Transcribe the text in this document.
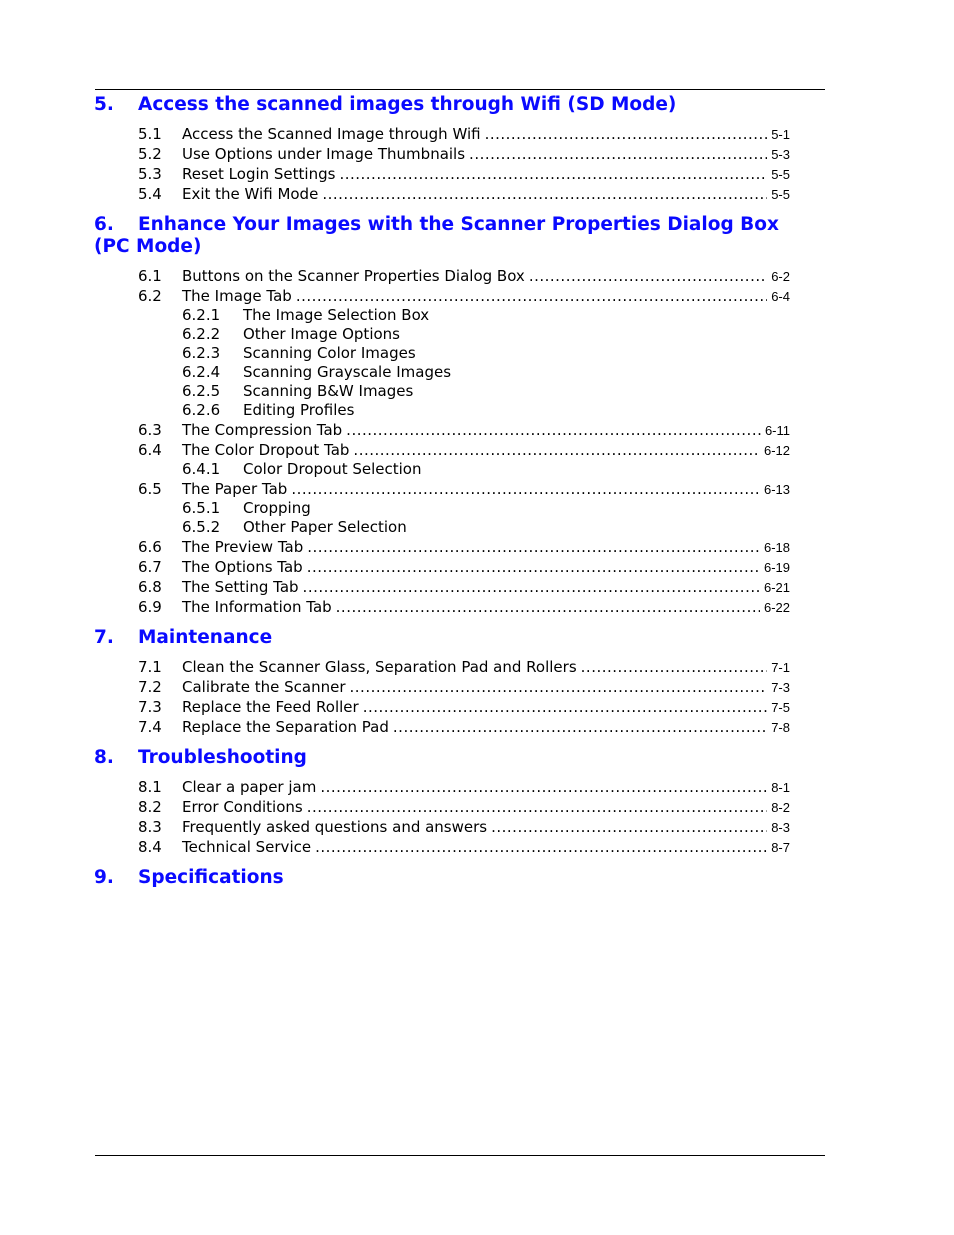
5.	Access the scanned images through Wifi (SD Mode)
5.1	Access the Scanned Image through Wifi .....	5-1
5.2	Use Options under Image Thumbnails .....	5-3
5.3	Reset Login Settings .....	5-5
5.4	Exit the Wifi Mode .....	5-5
6. Enhance Your Images with the Scanner Properties Dialog Box (PC Mode)
6.1	Buttons on the Scanner Properties Dialog Box .....	6-2
6.2	The Image Tab .....	6-4
6.2.1	The Image Selection Box
6.2.2	Other Image Options
6.2.3	Scanning Color Images
6.2.4	Scanning Grayscale Images
6.2.5	Scanning B&W Images
6.2.6	Editing Profiles
6.3	The Compression Tab .....	6-11
6.4	The Color Dropout Tab .....	6-12
6.4.1	Color Dropout Selection
6.5	The Paper Tab .....	6-13
6.5.1	Cropping
6.5.2	Other Paper Selection
6.6	The Preview Tab .....	6-18
6.7	The Options Tab .....	6-19
6.8	The Setting Tab .....	6-21
6.9	The Information Tab .....	6-22
7.	Maintenance
7.1	Clean the Scanner Glass, Separation Pad and Rollers .....	7-1
7.2	Calibrate the Scanner .....	7-3
7.3	Replace the Feed Roller .....	7-5
7.4	Replace the Separation Pad .....	7-8
8.	Troubleshooting
8.1	Clear a paper jam .....	8-1
8.2	Error Conditions .....	8-2
8.3	Frequently asked questions and answers .....	8-3
8.4	Technical Service .....	8-7
9.	Specifications
